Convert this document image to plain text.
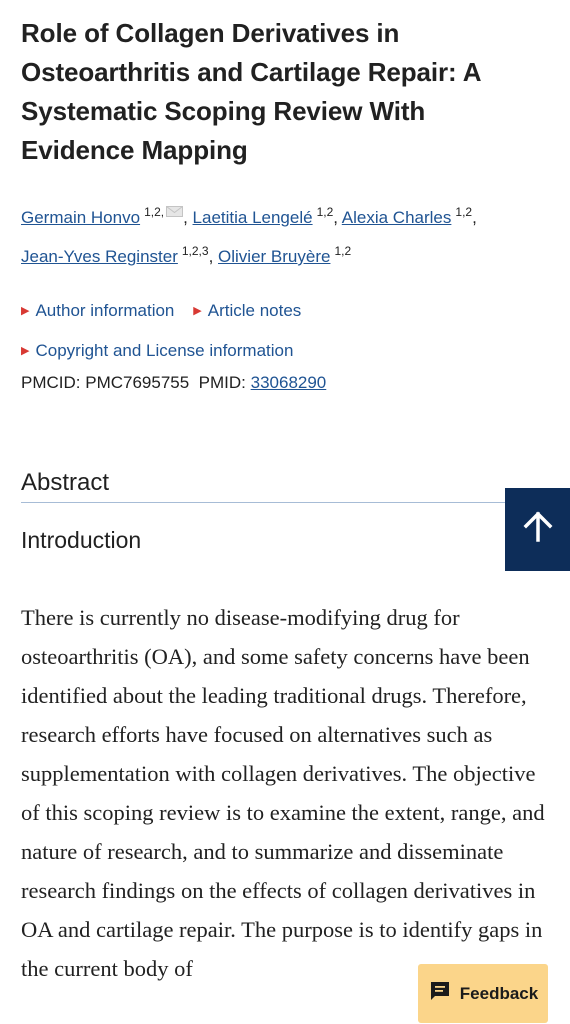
Role of Collagen Derivatives in Osteoarthritis and Cartilage Repair: A Systematic Scoping Review With Evidence Mapping
Germain Honvo $^{1,2,}$ , Laetitia Lengelé $^{1,2}$, Alexia Charles $^{1,2}$,
Jean-Yves Reginster $^{1,2,3}$, Olivier Bruyère $^{1,2}$
▶ Author information ▶ Article notes
▶ Copyright and License information
PMCID: PMC7695755 PMID: 33068290
Abstract
Introduction

There is currently no disease-modifying drug for osteoarthritis (OA), and some safety concerns have been identified about the leading traditional drugs. Therefore, research efforts have focused on alternatives such as supplementation with collagen derivatives. The objective of this scoping review is to examine the extent, range, and nature of research, and to summarize and disseminate research findings on the effects of collagen derivatives in OA and cartilage repair. The purpose is to identify gaps in the current body of

Feedback
